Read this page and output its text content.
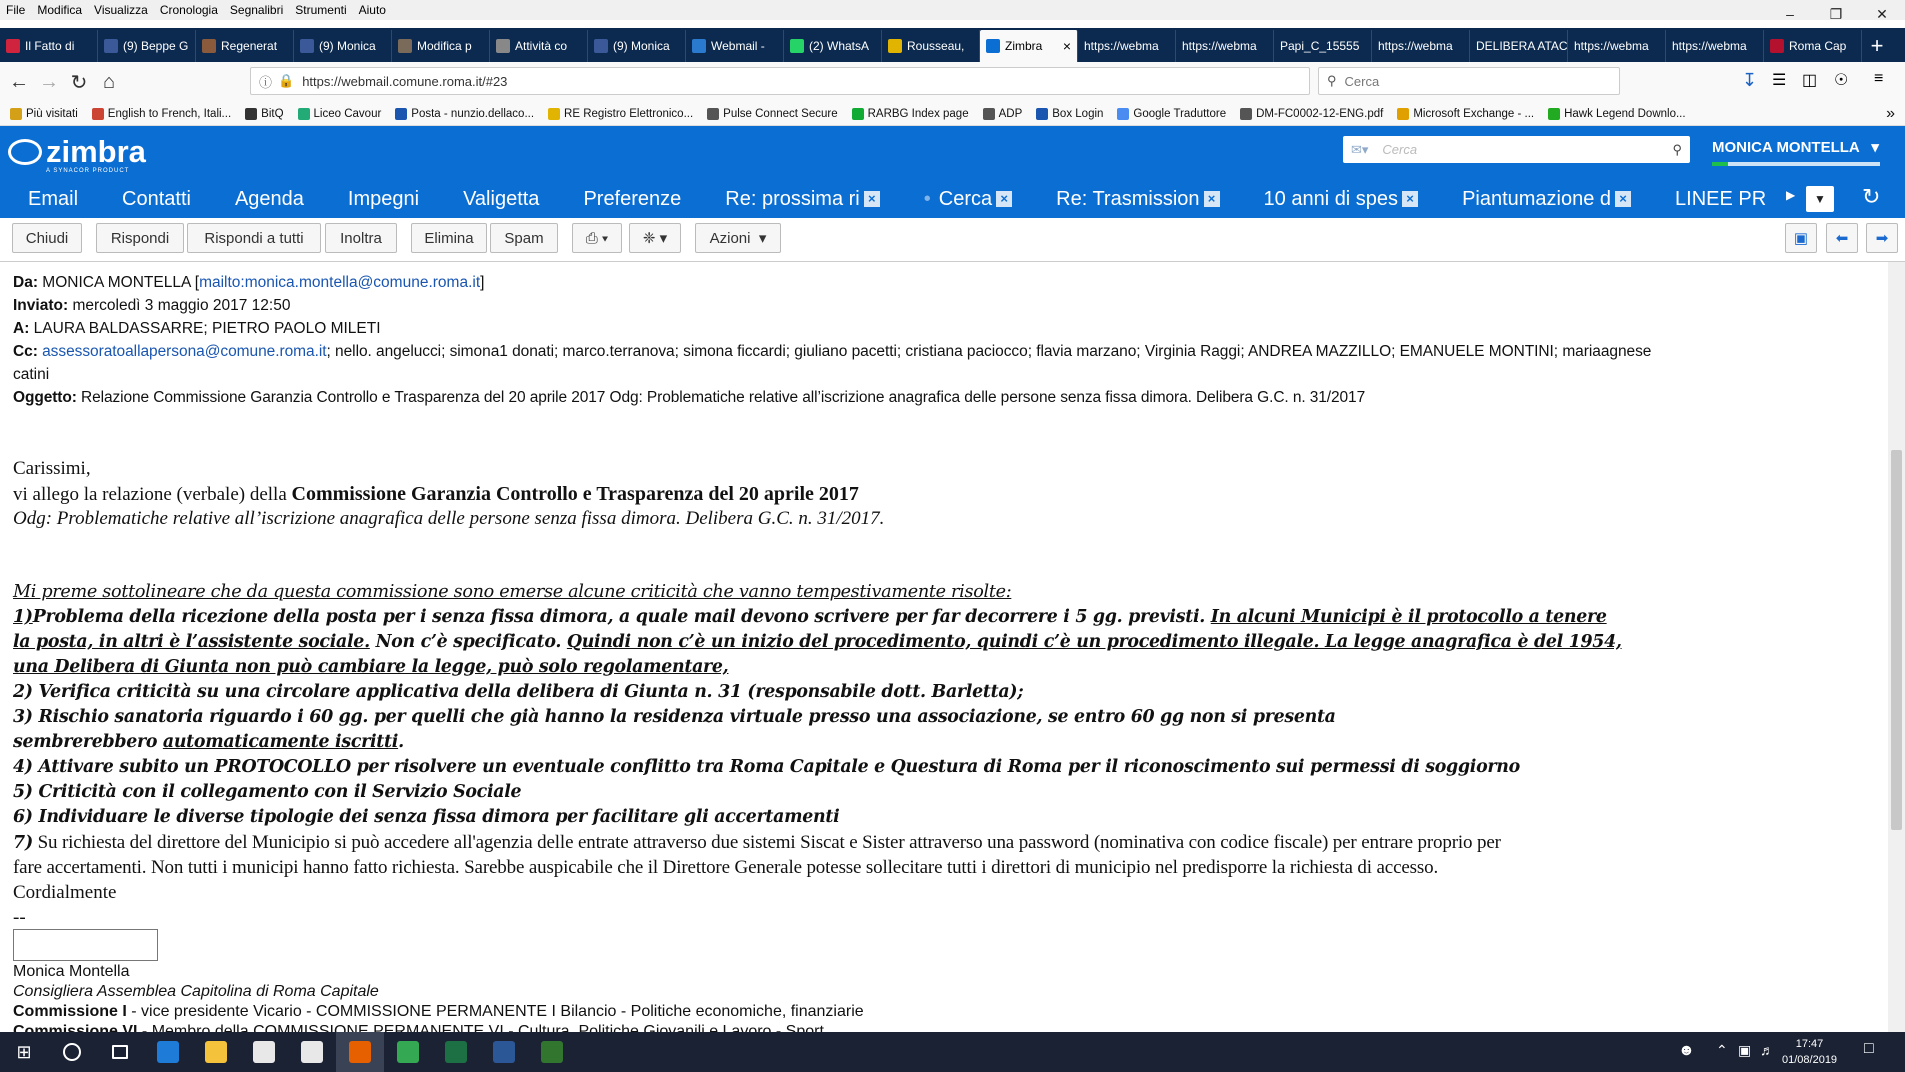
File	Modifica	Visualizza	Cronologia	Segnalibri	Strumenti	Aiuto	–	❐	✕
Il Fatto di	(9) Beppe G	Regenerat	(9) Monica	Modifica p	Attività co	(9) Monica	Webmail -	(2) WhatsA	Rousseau,	Zimbra × https://webma https://webma Papi_C_15555 https://webma DELIBERA ATAC https://webma https://webma	Roma Cap	+
← → ↻ ⌂	ⓘ 🔒 https://webmail.comune.roma.it/#23	⚲ Cerca	↧ ☰ ◫ ☉ ≡
Più visitati	English to French, Itali...	BitQ	Liceo Cavour	Posta - nunzio.dellaco...	RE Registro Elettronico...	Pulse Connect Secure	RARBG Index page	ADP	Box Login	Google Traduttore	DM-FC0002-12-ENG.pdf	Microsoft Exchange - ...	Hawk Legend Downlo...	»
zimbra
A SYNACOR PRODUCT
✉▾ Cerca	⚲ MONICA MONTELLA ▾
Email Contatti Agenda Impegni Valigetta Preferenze Re: prossima ri × • Cerca × Re: Trasmission × 10 anni di spes × Piantumazione d × LINEE PR ▶	▼	↻
Chiudi	Rispondi	Rispondi a tutti	Inoltra	Elimina	Spam	⎙ ▾ ❈ ▾	Azioni
▾	▣ ⬅ ➡
Da: MONICA MONTELLA [mailto:monica.montella@comune.roma.it]
Inviato: mercoledì 3 maggio 2017 12:50
A: LAURA BALDASSARRE; PIETRO PAOLO MILETI
Cc: assessoratoallapersona@comune.roma.it; nello. angelucci; simona1 donati; marco.terranova; simona ficcardi; giuliano pacetti; cristiana paciocco; flavia marzano; Virginia Raggi; ANDREA MAZZILLO; EMANUELE MONTINI; mariaagnese
catini
Oggetto: Relazione Commissione Garanzia Controllo e Trasparenza del 20 aprile 2017 Odg: Problematiche relative all’iscrizione anagrafica delle persone senza fissa dimora. Delibera G.C. n. 31/2017
Carissimi,
vi allego la relazione (verbale) della Commissione Garanzia Controllo e Trasparenza del 20 aprile 2017
Odg: Problematiche relative all’iscrizione anagrafica delle persone senza fissa dimora. Delibera G.C. n. 31/2017.
Mi preme sottolineare che da questa commissione sono emerse alcune criticità che vanno tempestivamente risolte:
1)Problema della ricezione della posta per i senza fissa dimora, a quale mail devono scrivere per far decorrere i 5 gg. previsti. In alcuni Municipi è il protocollo a tenere
la posta, in altri è l’assistente sociale. Non c’è specificato. Quindi non c’è un inizio del procedimento, quindi c’è un procedimento illegale. La legge anagrafica è del 1954,
una Delibera di Giunta non può cambiare la legge, può solo regolamentare,
2) Verifica criticità su una circolare applicativa della delibera di Giunta n. 31 (responsabile dott. Barletta);
3) Rischio sanatoria riguardo i 60 gg. per quelli che già hanno la residenza virtuale presso una associazione, se entro 60 gg non si presenta
sembrerebbero automaticamente iscritti.
4) Attivare subito un PROTOCOLLO per risolvere un eventuale conflitto tra Roma Capitale e Questura di Roma per il riconoscimento sui permessi di soggiorno
5) Criticità con il collegamento con il Servizio Sociale
6) Individuare le diverse tipologie dei senza fissa dimora per facilitare gli accertamenti
7) Su richiesta del direttore del Municipio si può accedere all'agenzia delle entrate attraverso due sistemi Siscat e Sister attraverso una password (nominativa con codice fiscale) per entrare proprio per
fare accertamenti. Non tutti i municipi hanno fatto richiesta. Sarebbe auspicabile che il Direttore Generale potesse sollecitare tutti i direttori di municipio nel predisporre la richiesta di accesso.
Cordialmente
--
Monica Montella
Consigliera Assemblea Capitolina di Roma Capitale
Commissione I - vice presidente Vicario - COMMISSIONE PERMANENTE I Bilancio - Politiche economiche, finanziarie
⊞	☻ ⌃ ▣ ♬	17:47
01/08/2019
□
